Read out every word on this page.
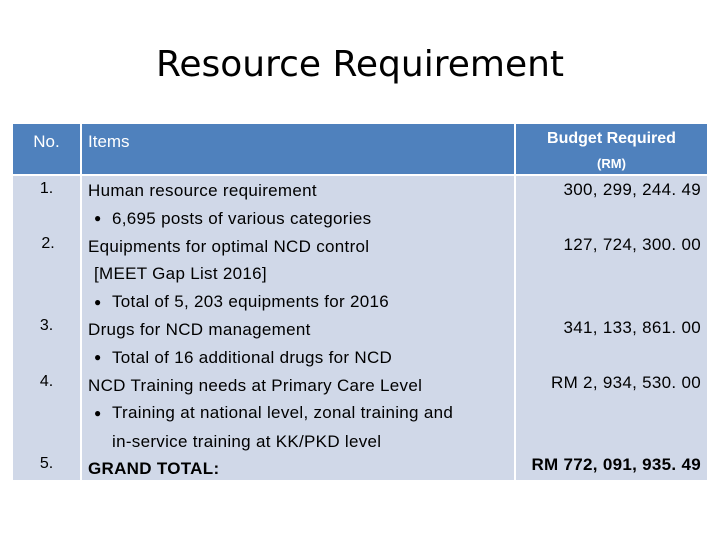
Resource Requirement
No.	Items	Budget Required
(RM)
1.
2.
3.
4.
5.
Human resource requirement
● 6,695 posts of various categories
Equipments for optimal NCD control
[MEET Gap List 2016]
● Total of 5, 203 equipments for 2016
Drugs for NCD management
● Total of 16 additional drugs for NCD
NCD Training needs at Primary Care Level
● Training at national level, zonal training and
in-service training at KK/PKD level
GRAND TOTAL:
300, 299, 244. 49
127, 724, 300. 00
341, 133, 861. 00
RM 2, 934, 530. 00
RM 772, 091, 935. 49
